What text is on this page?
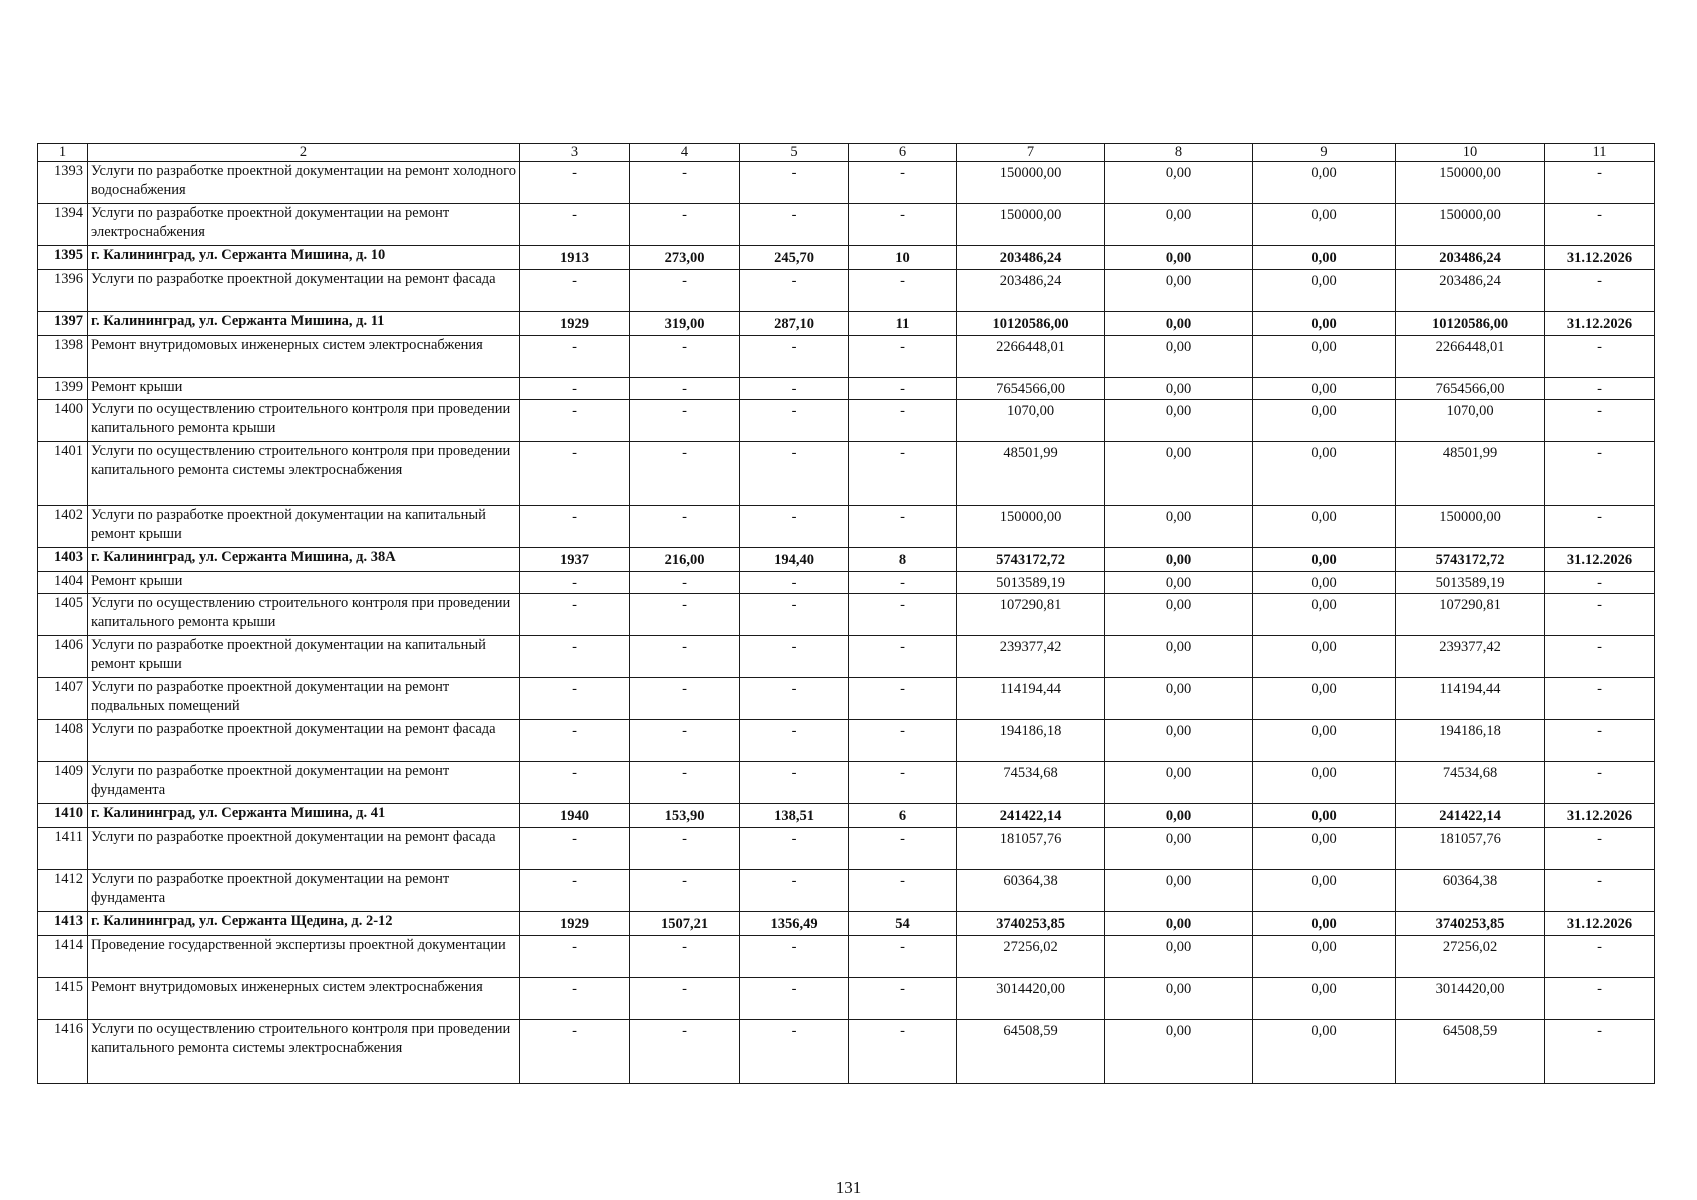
1	2	3	4	5	6	7	8	9	10	11
1393	Услуги по разработке проектной документации на ремонт холодного водоснабжения	-	-	-	-	150000,00	0,00	0,00	150000,00	-
1394	Услуги по разработке проектной документации на ремонт электроснабжения	-	-	-	-	150000,00	0,00	0,00	150000,00	-
1395	г. Калининград, ул. Сержанта Мишина, д. 10	1913	273,00	245,70	10	203486,24	0,00	0,00	203486,24	31.12.2026
1396	Услуги по разработке проектной документации на ремонт фасада	-	-	-	-	203486,24	0,00	0,00	203486,24	-
1397	г. Калининград, ул. Сержанта Мишина, д. 11	1929	319,00	287,10	11	10120586,00	0,00	0,00	10120586,00	31.12.2026
1398	Ремонт внутридомовых инженерных систем электроснабжения	-	-	-	-	2266448,01	0,00	0,00	2266448,01	-
1399	Ремонт крыши	-	-	-	-	7654566,00	0,00	0,00	7654566,00	-
1400	Услуги по осуществлению строительного контроля при проведении капитального ремонта крыши	-	-	-	-	1070,00	0,00	0,00	1070,00	-
1401	Услуги по осуществлению строительного контроля при проведении капитального ремонта системы электроснабжения	-	-	-	-	48501,99	0,00	0,00	48501,99	-
1402	Услуги по разработке проектной документации на капитальный ремонт крыши	-	-	-	-	150000,00	0,00	0,00	150000,00	-
1403	г. Калининград, ул. Сержанта Мишина, д. 38А	1937	216,00	194,40	8	5743172,72	0,00	0,00	5743172,72	31.12.2026
1404	Ремонт крыши	-	-	-	-	5013589,19	0,00	0,00	5013589,19	-
1405	Услуги по осуществлению строительного контроля при проведении капитального ремонта крыши	-	-	-	-	107290,81	0,00	0,00	107290,81	-
1406	Услуги по разработке проектной документации на капитальный ремонт крыши	-	-	-	-	239377,42	0,00	0,00	239377,42	-
1407	Услуги по разработке проектной документации на ремонт подвальных помещений	-	-	-	-	114194,44	0,00	0,00	114194,44	-
1408	Услуги по разработке проектной документации на ремонт фасада	-	-	-	-	194186,18	0,00	0,00	194186,18	-
1409	Услуги по разработке проектной документации на ремонт фундамента	-	-	-	-	74534,68	0,00	0,00	74534,68	-
1410	г. Калининград, ул. Сержанта Мишина, д. 41	1940	153,90	138,51	6	241422,14	0,00	0,00	241422,14	31.12.2026
1411	Услуги по разработке проектной документации на ремонт фасада	-	-	-	-	181057,76	0,00	0,00	181057,76	-
1412	Услуги по разработке проектной документации на ремонт фундамента	-	-	-	-	60364,38	0,00	0,00	60364,38	-
1413	г. Калининград, ул. Сержанта Щедина, д. 2-12	1929	1507,21	1356,49	54	3740253,85	0,00	0,00	3740253,85	31.12.2026
1414	Проведение государственной экспертизы проектной документации	-	-	-	-	27256,02	0,00	0,00	27256,02	-
1415	Ремонт внутридомовых инженерных систем электроснабжения	-	-	-	-	3014420,00	0,00	0,00	3014420,00	-
1416	Услуги по осуществлению строительного контроля при проведении капитального ремонта системы электроснабжения	-	-	-	-	64508,59	0,00	0,00	64508,59	-
131
